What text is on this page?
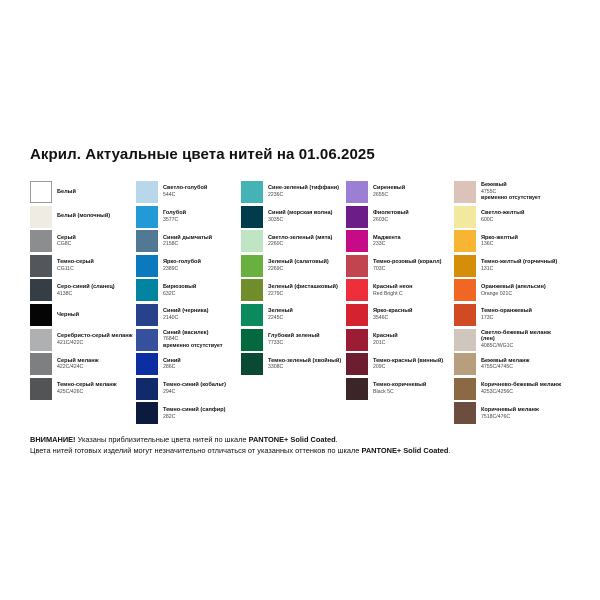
Акрил. Актуальные цвета нитей на 01.06.2025
Белый
Белый (молочный)
Серый
CG8C
Темно-серый
CG11C
Серо-синий (сланец)
4138C
Черный
Серебристо-серый меланж
421C/422C
Серый меланж
422C/424C
Темно-серый меланж
425C/426C
Светло-голубой
544C
Голубой
3577C
Синий дымчатый
2158C
Ярко-голубой
2389C
Бирюзовый
632C
Синий (черника)
2140C
Синий (василек)
7684C
временно отсутствует
Синий
286C
Темно-синий (кобальт)
294C
Темно-синий (сапфир)
282C
Сине-зеленый (тиффани)
2236C
Синий (морская волна)
3035C
Светло-зеленый (мята)
2260C
Зеленый (салатовый)
2269C
Зеленый (фисташковый)
2279C
Зеленый
2245C
Глубокий зеленый
7733C
Темно-зеленый (хвойный)
3308C
Сиреневый
2655C
Фиолетовый
2603C
Маджента
233C
Темно-розовый (коралл)
703C
Красный неон
Red Bright C
Ярко-красный
3546C
Красный
201C
Темно-красный (винный)
209C
Темно-коричневый
Black 5C
Бежевый
4755C
временно отсутствует
Светло-желтый
600C
Ярко-желтый
136C
Темно-желтый (горчичный)
131C
Оранжевый (апельсин)
Orange 021C
Темно-оранжевый
173C
Светло-бежевый меланж (лен)
4085C/WG1C
Бежевый меланж
4755C/4745C
Коричнево-бежевый меланж
4253C/4256C
Коричневый меланж
7518C/476C
ВНИМАНИЕ! Указаны приблизительные цвета нитей по шкале PANTONE+ Solid Coated.
Цвета нитей готовых изделий могут незначительно отличаться от указанных оттенков по шкале PANTONE+ Solid Coated.
